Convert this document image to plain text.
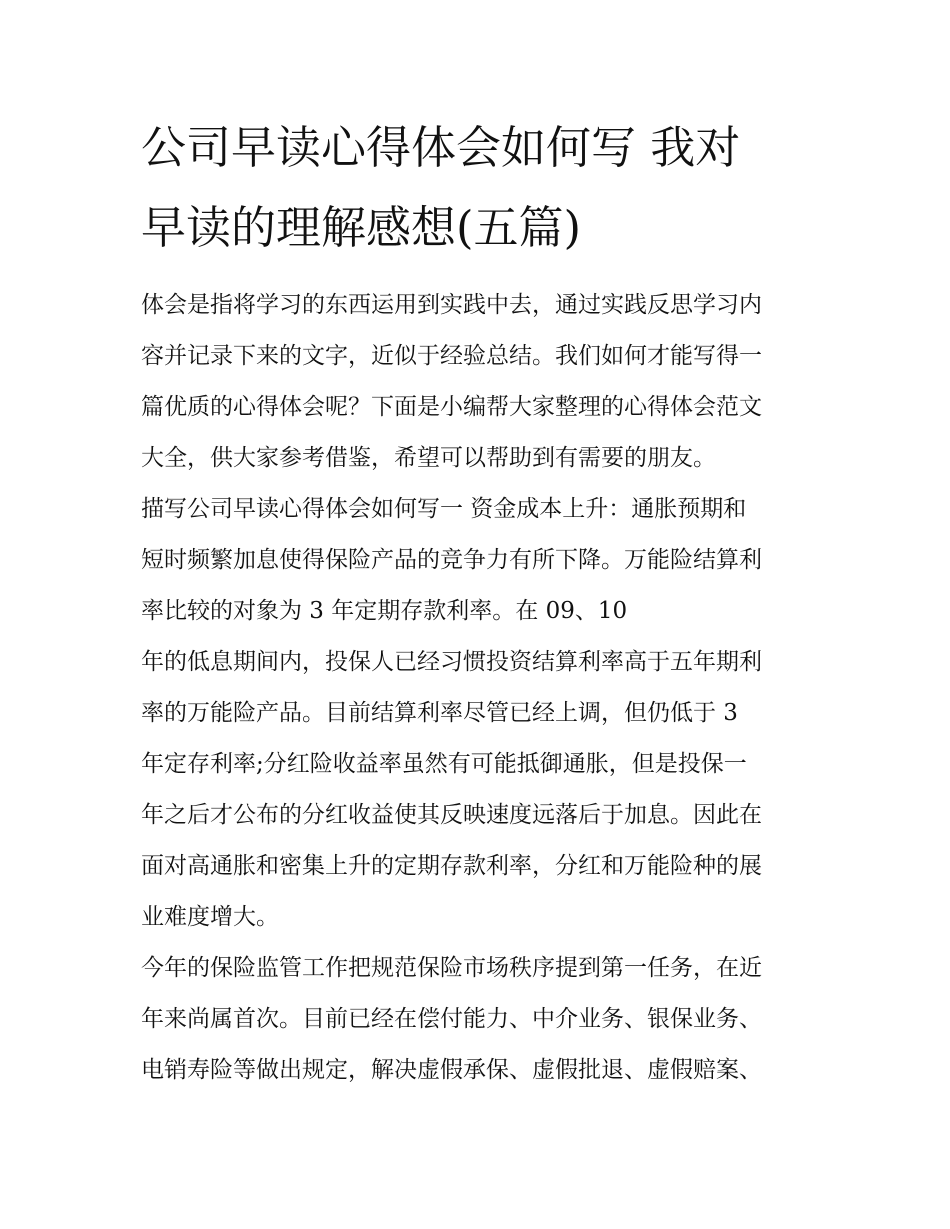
公司早读心得体会如何写 我对
早读的理解感想(五篇)
体会是指将学习的东西运用到实践中去，通过实践反思学习内
容并记录下来的文字，近似于经验总结。我们如何才能写得一
篇优质的心得体会呢？下面是小编帮大家整理的心得体会范文
大全，供大家参考借鉴，希望可以帮助到有需要的朋友。
描写公司早读心得体会如何写一 资金成本上升：通胀预期和
短时频繁加息使得保险产品的竞争力有所下降。万能险结算利
率比较的对象为 3 年定期存款利率。在 09、10
年的低息期间内，投保人已经习惯投资结算利率高于五年期利
率的万能险产品。目前结算利率尽管已经上调，但仍低于 3
年定存利率;分红险收益率虽然有可能抵御通胀，但是投保一
年之后才公布的分红收益使其反映速度远落后于加息。因此在
面对高通胀和密集上升的定期存款利率，分红和万能险种的展
业难度增大。
今年的保险监管工作把规范保险市场秩序提到第一任务，在近
年来尚属首次。目前已经在偿付能力、中介业务、银保业务、
电销寿险等做出规定，解决虚假承保、虚假批退、虚假赔案、
